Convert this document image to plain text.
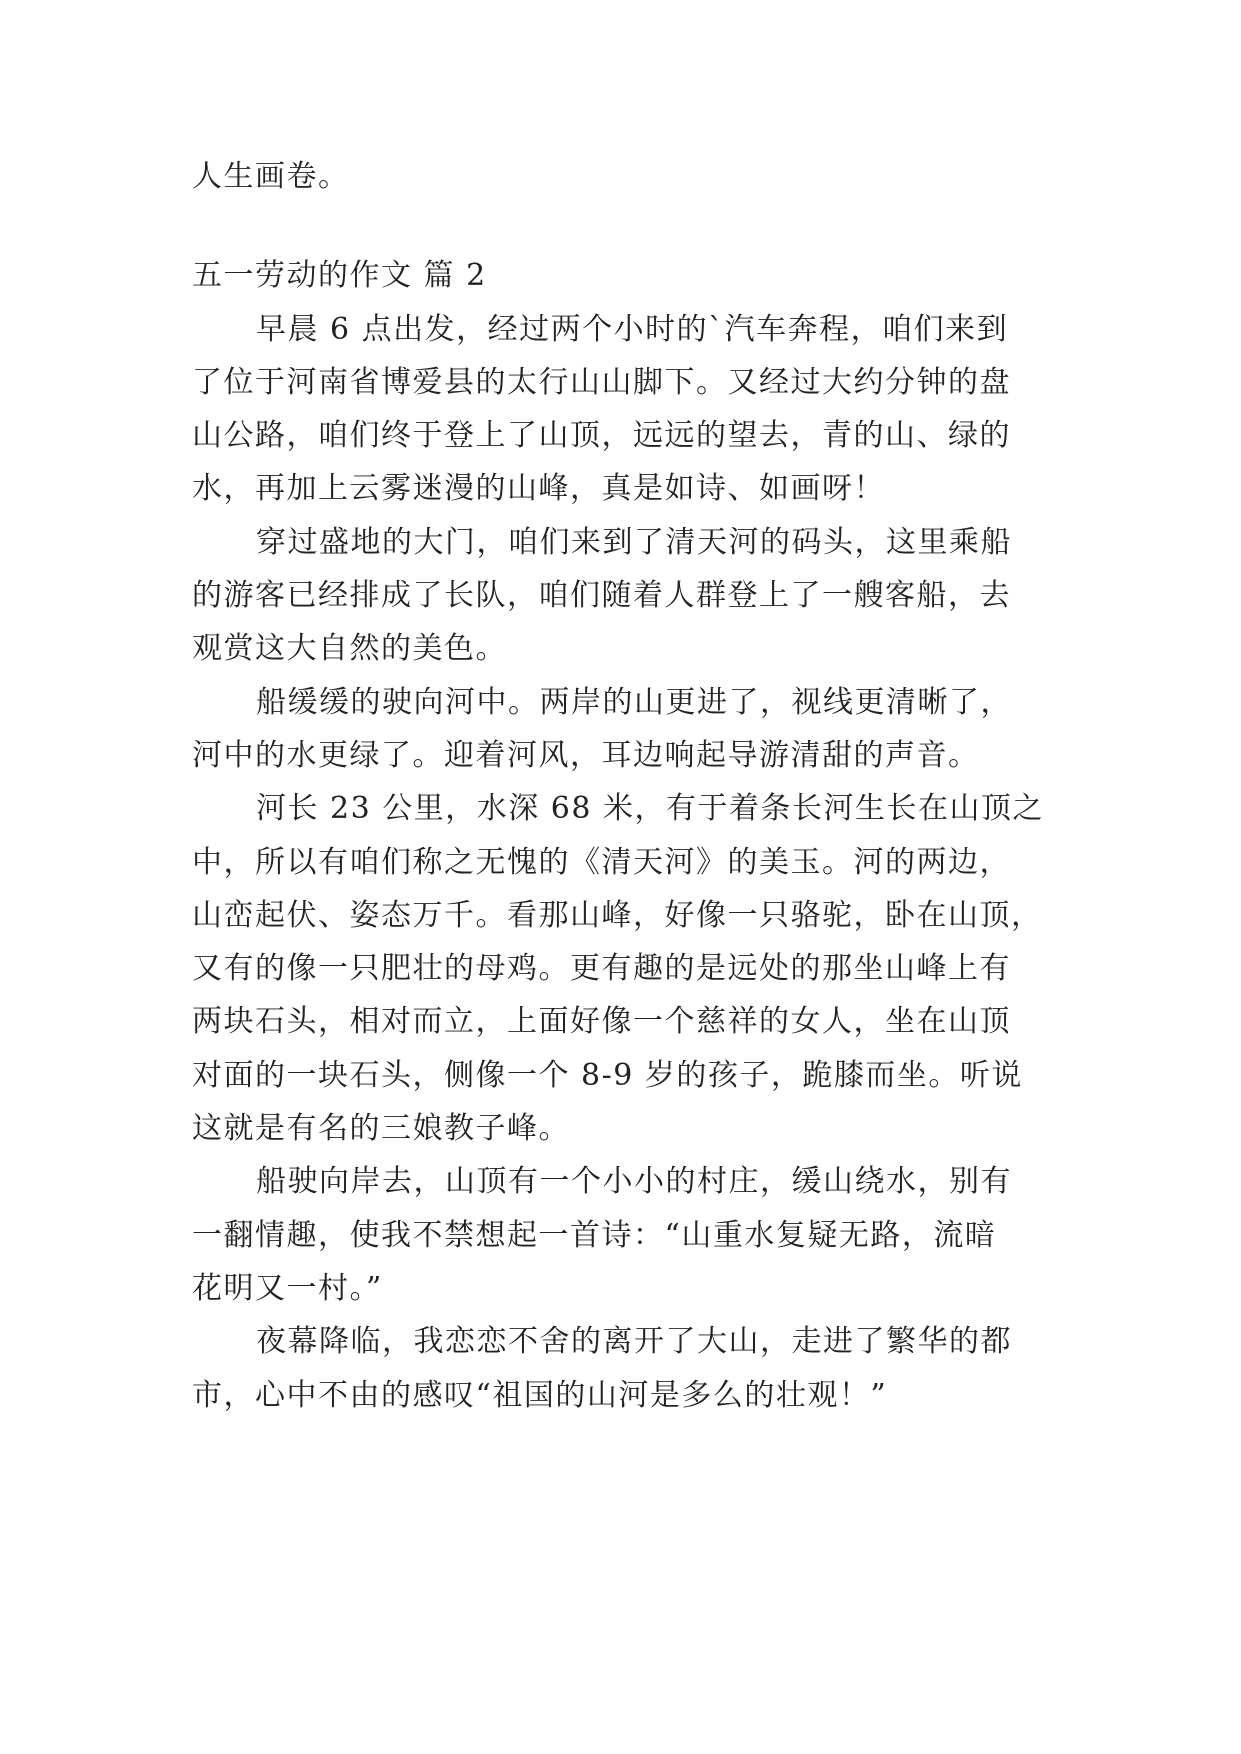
人生画卷。
五一劳动的作文 篇 2
早晨 6 点出发，经过两个小时的`汽车奔程，咱们来到
了位于河南省博爱县的太行山山脚下。又经过大约分钟的盘
山公路，咱们终于登上了山顶，远远的望去，青的山、绿的
水，再加上云雾迷漫的山峰，真是如诗、如画呀！
穿过盛地的大门，咱们来到了清天河的码头，这里乘船
的游客已经排成了长队，咱们随着人群登上了一艘客船，去
观赏这大自然的美色。
船缓缓的驶向河中。两岸的山更进了，视线更清晰了，
河中的水更绿了。迎着河风，耳边响起导游清甜的声音。
河长 23 公里，水深 68 米，有于着条长河生长在山顶之
中，所以有咱们称之无愧的《清天河》的美玉。河的两边，
山峦起伏、姿态万千。看那山峰，好像一只骆驼，卧在山顶，
又有的像一只肥壮的母鸡。更有趣的是远处的那坐山峰上有
两块石头，相对而立，上面好像一个慈祥的女人，坐在山顶
对面的一块石头，侧像一个 8-9 岁的孩子，跪膝而坐。听说
这就是有名的三娘教子峰。
船驶向岸去，山顶有一个小小的村庄，缓山绕水，别有
一翻情趣，使我不禁想起一首诗：“山重水复疑无路，流暗
花明又一村。”
夜幕降临，我恋恋不舍的离开了大山，走进了繁华的都
市，心中不由的感叹“祖国的山河是多么的壮观！”
